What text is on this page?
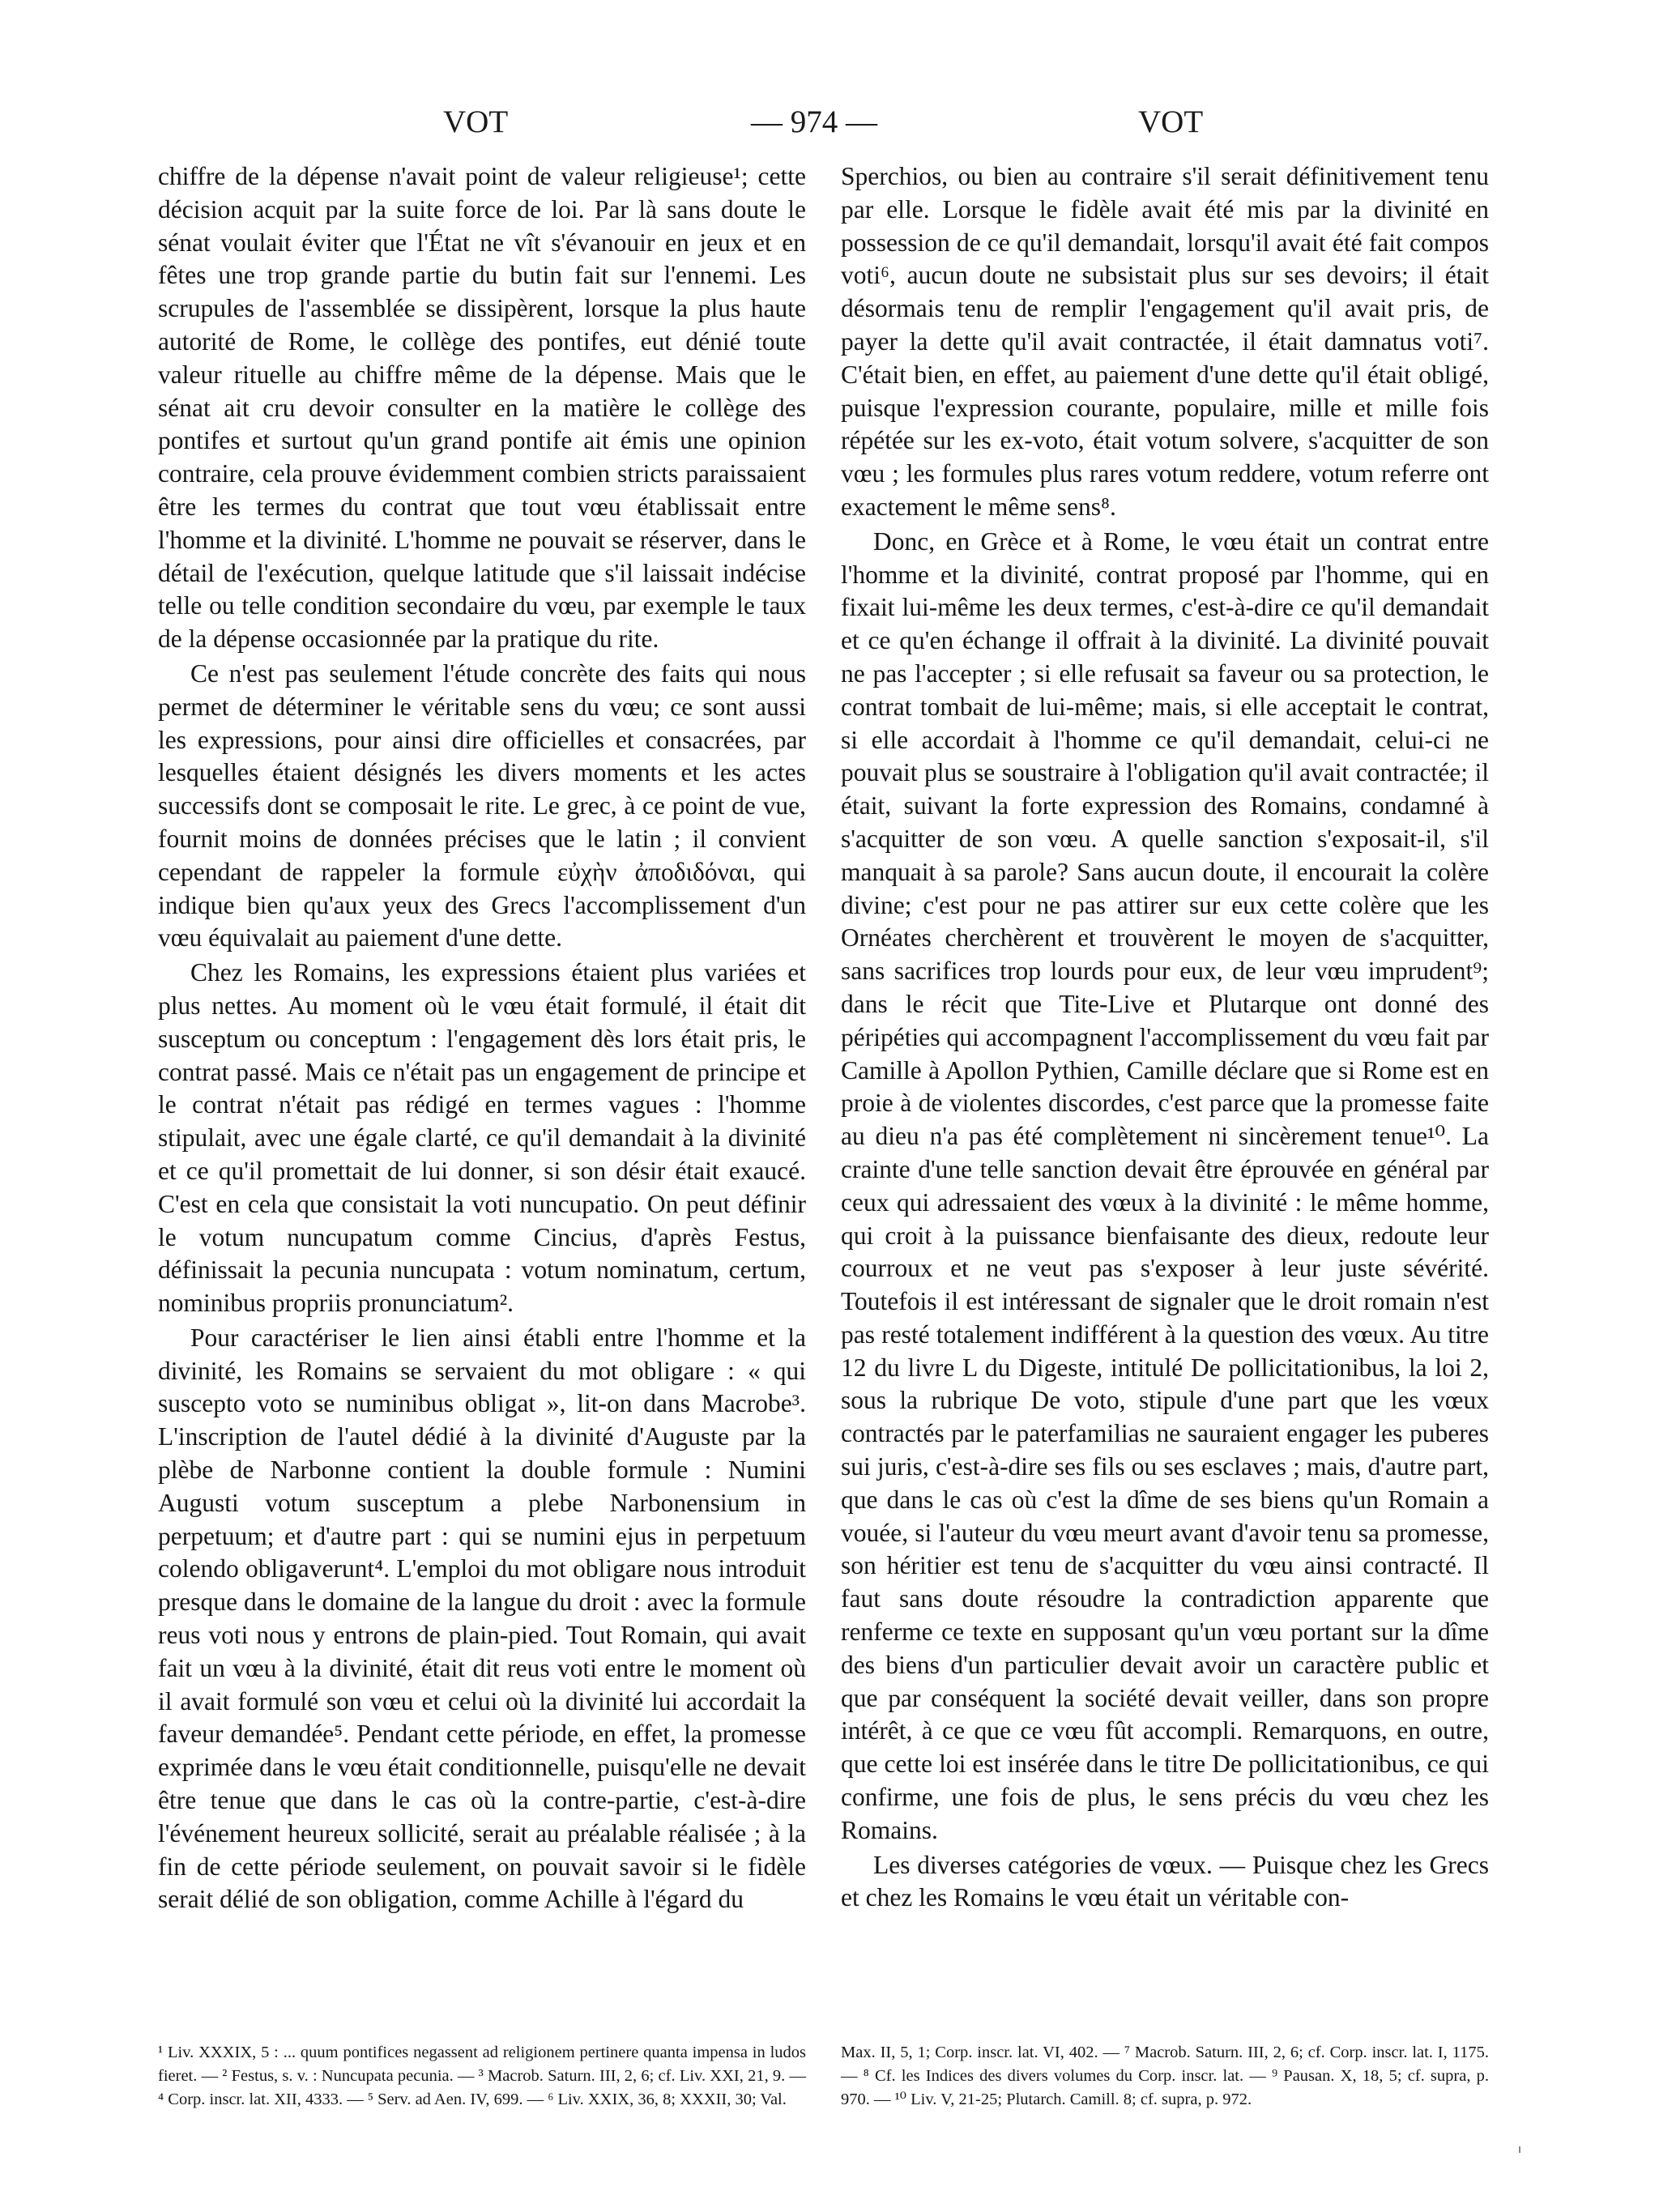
VOT	— 974 —	VOT

chiffre de la dépense n'avait point de valeur religieuse¹; cette décision acquit par la suite force de loi. Par là sans doute le sénat voulait éviter que l'État ne vît s'évanouir en jeux et en fêtes une trop grande partie du butin fait sur l'ennemi. Les scrupules de l'assemblée se dissipèrent, lorsque la plus haute autorité de Rome, le collège des pontifes, eut dénié toute valeur rituelle au chiffre même de la dépense. Mais que le sénat ait cru devoir consulter en la matière le collège des pontifes et surtout qu'un grand pontife ait émis une opinion contraire, cela prouve évidemment combien stricts paraissaient être les termes du contrat que tout vœu établissait entre l'homme et la divinité. L'homme ne pouvait se réserver, dans le détail de l'exécution, quelque latitude que s'il laissait indécise telle ou telle condition secondaire du vœu, par exemple le taux de la dépense occasionnée par la pratique du rite.

Ce n'est pas seulement l'étude concrète des faits qui nous permet de déterminer le véritable sens du vœu; ce sont aussi les expressions, pour ainsi dire officielles et consacrées, par lesquelles étaient désignés les divers moments et les actes successifs dont se composait le rite. Le grec, à ce point de vue, fournit moins de données précises que le latin ; il convient cependant de rappeler la formule εὐχὴν ἀποδιδόναι, qui indique bien qu'aux yeux des Grecs l'accomplissement d'un vœu équivalait au paiement d'une dette.

Chez les Romains, les expressions étaient plus variées et plus nettes. Au moment où le vœu était formulé, il était dit susceptum ou conceptum : l'engagement dès lors était pris, le contrat passé. Mais ce n'était pas un engagement de principe et le contrat n'était pas rédigé en termes vagues : l'homme stipulait, avec une égale clarté, ce qu'il demandait à la divinité et ce qu'il promettait de lui donner, si son désir était exaucé. C'est en cela que consistait la voti nuncupatio. On peut définir le votum nuncupatum comme Cincius, d'après Festus, définissait la pecunia nuncupata : votum nominatum, certum, nominibus propriis pronunciatum².

Pour caractériser le lien ainsi établi entre l'homme et la divinité, les Romains se servaient du mot obligare : « qui suscepto voto se numinibus obligat », lit-on dans Macrobe³. L'inscription de l'autel dédié à la divinité d'Auguste par la plèbe de Narbonne contient la double formule : Numini Augusti votum susceptum a plebe Narbonensium in perpetuum; et d'autre part : qui se numini ejus in perpetuum colendo obligaverunt⁴. L'emploi du mot obligare nous introduit presque dans le domaine de la langue du droit : avec la formule reus voti nous y entrons de plain-pied. Tout Romain, qui avait fait un vœu à la divinité, était dit reus voti entre le moment où il avait formulé son vœu et celui où la divinité lui accordait la faveur demandée⁵. Pendant cette période, en effet, la promesse exprimée dans le vœu était conditionnelle, puisqu'elle ne devait être tenue que dans le cas où la contre-partie, c'est-à-dire l'événement heureux sollicité, serait au préalable réalisée ; à la fin de cette période seulement, on pouvait savoir si le fidèle serait délié de son obligation, comme Achille à l'égard du

Sperchios, ou bien au contraire s'il serait définitivement tenu par elle. Lorsque le fidèle avait été mis par la divinité en possession de ce qu'il demandait, lorsqu'il avait été fait compos voti⁶, aucun doute ne subsistait plus sur ses devoirs; il était désormais tenu de remplir l'engagement qu'il avait pris, de payer la dette qu'il avait contractée, il était damnatus voti⁷. C'était bien, en effet, au paiement d'une dette qu'il était obligé, puisque l'expression courante, populaire, mille et mille fois répétée sur les ex-voto, était votum solvere, s'acquitter de son vœu ; les formules plus rares votum reddere, votum referre ont exactement le même sens⁸.

Donc, en Grèce et à Rome, le vœu était un contrat entre l'homme et la divinité, contrat proposé par l'homme, qui en fixait lui-même les deux termes, c'est-à-dire ce qu'il demandait et ce qu'en échange il offrait à la divinité. La divinité pouvait ne pas l'accepter ; si elle refusait sa faveur ou sa protection, le contrat tombait de lui-même; mais, si elle acceptait le contrat, si elle accordait à l'homme ce qu'il demandait, celui-ci ne pouvait plus se soustraire à l'obligation qu'il avait contractée; il était, suivant la forte expression des Romains, condamné à s'acquitter de son vœu. A quelle sanction s'exposait-il, s'il manquait à sa parole? Sans aucun doute, il encourait la colère divine; c'est pour ne pas attirer sur eux cette colère que les Ornéates cherchèrent et trouvèrent le moyen de s'acquitter, sans sacrifices trop lourds pour eux, de leur vœu imprudent⁹; dans le récit que Tite-Live et Plutarque ont donné des péripéties qui accompagnent l'accomplissement du vœu fait par Camille à Apollon Pythien, Camille déclare que si Rome est en proie à de violentes discordes, c'est parce que la promesse faite au dieu n'a pas été complètement ni sincèrement tenue¹⁰. La crainte d'une telle sanction devait être éprouvée en général par ceux qui adressaient des vœux à la divinité : le même homme, qui croit à la puissance bienfaisante des dieux, redoute leur courroux et ne veut pas s'exposer à leur juste sévérité. Toutefois il est intéressant de signaler que le droit romain n'est pas resté totalement indifférent à la question des vœux. Au titre 12 du livre L du Digeste, intitulé De pollicitationibus, la loi 2, sous la rubrique De voto, stipule d'une part que les vœux contractés par le paterfamilias ne sauraient engager les puberes sui juris, c'est-à-dire ses fils ou ses esclaves ; mais, d'autre part, que dans le cas où c'est la dîme de ses biens qu'un Romain a vouée, si l'auteur du vœu meurt avant d'avoir tenu sa promesse, son héritier est tenu de s'acquitter du vœu ainsi contracté. Il faut sans doute résoudre la contradiction apparente que renferme ce texte en supposant qu'un vœu portant sur la dîme des biens d'un particulier devait avoir un caractère public et que par conséquent la société devait veiller, dans son propre intérêt, à ce que ce vœu fût accompli. Remarquons, en outre, que cette loi est insérée dans le titre De pollicitationibus, ce qui confirme, une fois de plus, le sens précis du vœu chez les Romains.

Les diverses catégories de vœux. — Puisque chez les Grecs et chez les Romains le vœu était un véritable con-

¹ Liv. XXXIX, 5 : ... quum pontifices negassent ad religionem pertinere quanta impensa in ludos fieret. — ² Festus, s. v. : Nuncupata pecunia. — ³ Macrob. Saturn. III, 2, 6; cf. Liv. XXI, 21, 9. — ⁴ Corp. inscr. lat. XII, 4333. — ⁵ Serv. ad Aen. IV, 699. — ⁶ Liv. XXIX, 36, 8; XXXII, 30; Val.

Max. II, 5, 1; Corp. inscr. lat. VI, 402. — ⁷ Macrob. Saturn. III, 2, 6; cf. Corp. inscr. lat. I, 1175. — ⁸ Cf. les Indices des divers volumes du Corp. inscr. lat. — ⁹ Pausan. X, 18, 5; cf. supra, p. 970. — ¹⁰ Liv. V, 21-25; Plutarch. Camill. 8; cf. supra, p. 972.
